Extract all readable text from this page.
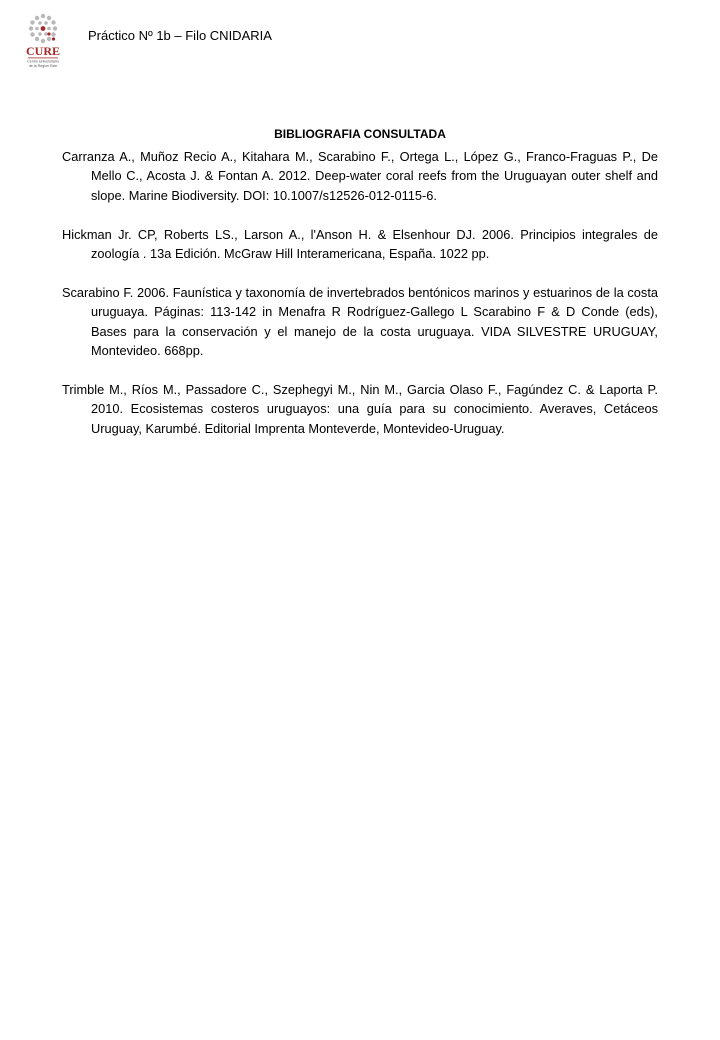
CURE
Centro Universitario
de la Región Este
Práctico Nº 1b – Filo CNIDARIA
BIBLIOGRAFIA CONSULTADA

Carranza A., Muñoz Recio A., Kitahara M., Scarabino F., Ortega L., López G., Franco-Fraguas P., De Mello C., Acosta J. & Fontan A. 2012. Deep-water coral reefs from the Uruguayan outer shelf and slope. Marine Biodiversity. DOI: 10.1007/s12526-012-0115-6.

Hickman Jr. CP, Roberts LS., Larson A., l'Anson H. & Elsenhour DJ. 2006. Principios integrales de zoología . 13a Edición. McGraw Hill Interamericana, España. 1022 pp.

Scarabino F. 2006. Faunística y taxonomía de invertebrados bentónicos marinos y estuarinos de la costa uruguaya. Páginas: 113-142 in Menafra R Rodríguez-Gallego L Scarabino F & D Conde (eds), Bases para la conservación y el manejo de la costa uruguaya. VIDA SILVESTRE URUGUAY, Montevideo. 668pp.

Trimble M., Ríos M., Passadore C., Szephegyi M., Nin M., Garcia Olaso F., Fagúndez C. & Laporta P. 2010. Ecosistemas costeros uruguayos: una guía para su conocimiento. Averaves, Cetáceos Uruguay, Karumbé. Editorial Imprenta Monteverde, Montevideo-Uruguay.
